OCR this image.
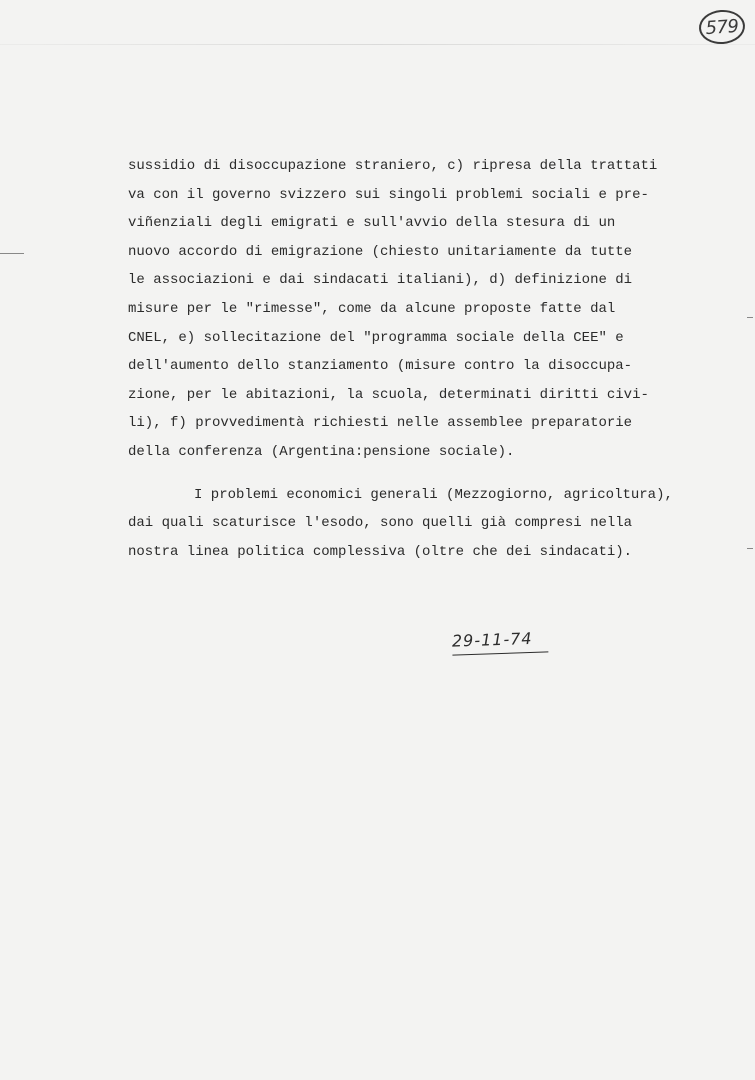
579
sussidio di disoccupazione straniero, c) ripresa della trattati
va con il governo svizzero sui singoli problemi sociali e pre-
viñenziali degli emigrati e sull'avvio della stesura di un
nuovo accordo di emigrazione (chiesto unitariamente da tutte
le associazioni e dai sindacati italiani), d) definizione di
misure per le "rimesse", come da alcune proposte fatte dal
CNEL, e) sollecitazione del "programma sociale della CEE" e
dell'aumento dello stanziamento (misure contro la disoccupa-
zione, per le abitazioni, la scuola, determinati diritti civi-
li), f) provvedimentà richiesti nelle assemblee preparatorie
della conferenza (Argentina:pensione sociale).
I problemi economici generali (Mezzogiorno, agricoltura),
dai quali scaturisce l'esodo, sono quelli già compresi nella
nostra linea politica complessiva (oltre che dei sindacati).
29-11-74
